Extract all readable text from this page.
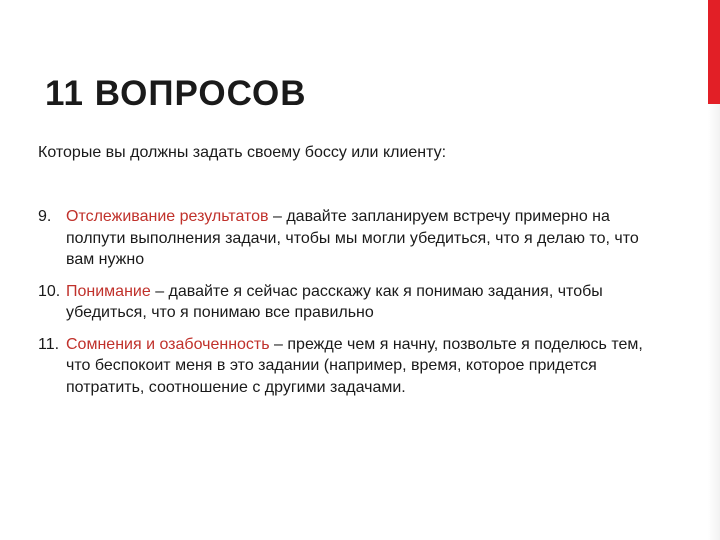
11 ВОПРОСОВ
Которые вы должны задать своему боссу или клиенту:
9. Отслеживание результатов – давайте запланируем встречу примерно на полпути выполнения задачи, чтобы мы могли убедиться, что я делаю то, что вам нужно
10. Понимание – давайте я сейчас расскажу как я понимаю задания, чтобы убедиться, что я понимаю все правильно
11. Сомнения и озабоченность – прежде чем я начну, позвольте я поделюсь тем, что беспокоит меня в это задании (например, время, которое придется потратить, соотношение с другими задачами.
